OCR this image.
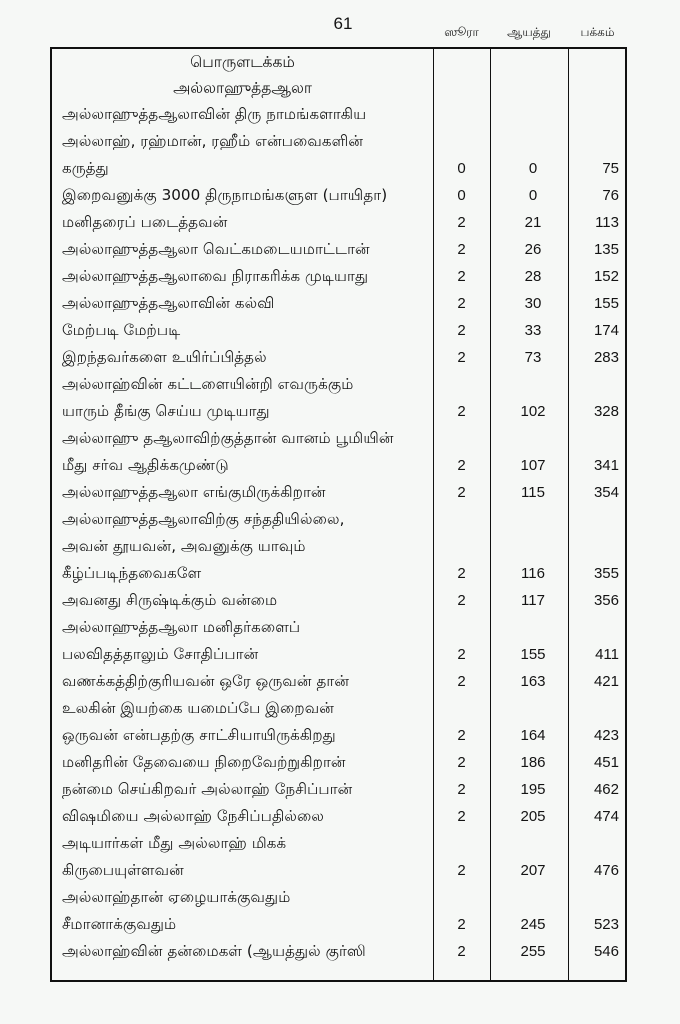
61	ஸூரா	ஆயத்து	பக்கம்
பொருளடக்கம்
அல்லாஹுத்தஆலா
அல்லாஹுத்தஆலாவின் திரு நாமங்களாகிய
அல்லாஹ், ரஹ்மான், ரஹீம் என்பவைகளின்
கருத்து	0	0	75
இறைவனுக்கு 3000 திருநாமங்களுள (பாயிதா)	0	0	76
மனிதரைப் படைத்தவன்	2	21	113
அல்லாஹுத்தஆலா வெட்கமடையமாட்டான்	2	26	135
அல்லாஹுத்தஆலாவை நிராகரிக்க முடியாது	2	28	152
அல்லாஹுத்தஆலாவின் கல்வி	2	30	155
மேற்படி மேற்படி	2	33	174
இறந்தவர்களை உயிர்ப்பித்தல்	2	73	283
அல்லாஹ்வின் கட்டளையின்றி எவருக்கும்
யாரும் தீங்கு செய்ய முடியாது	2	102	328
அல்லாஹு தஆலாவிற்குத்தான் வானம் பூமியின்
மீது சர்வ ஆதிக்கமுண்டு	2	107	341
அல்லாஹுத்தஆலா எங்குமிருக்கிறான்	2	115	354
அல்லாஹுத்தஆலாவிற்கு சந்ததியில்லை,
அவன் தூயவன், அவனுக்கு யாவும்
கீழ்ப்படிந்தவைகளே	2	116	355
அவனது சிருஷ்டிக்கும் வன்மை	2	117	356
அல்லாஹுத்தஆலா மனிதர்களைப்
பலவிதத்தாலும் சோதிப்பான்	2	155	411
வணக்கத்திற்குரியவன் ஒரே ஒருவன் தான்	2	163	421
உலகின் இயற்கை யமைப்பே இறைவன்
ஒருவன் என்பதற்கு சாட்சியாயிருக்கிறது	2	164	423
மனிதரின் தேவையை நிறைவேற்றுகிறான்	2	186	451
நன்மை செய்கிறவர் அல்லாஹ் நேசிப்பான்	2	195	462
விஷமியை அல்லாஹ் நேசிப்பதில்லை	2	205	474
அடியார்கள் மீது அல்லாஹ் மிகக்
கிருபையுள்ளவன்	2	207	476
அல்லாஹ்தான் ஏழையாக்குவதும்
சீமானாக்குவதும்	2	245	523
அல்லாஹ்வின் தன்மைகள் (ஆயத்துல் குர்ஸி	2	255	546
